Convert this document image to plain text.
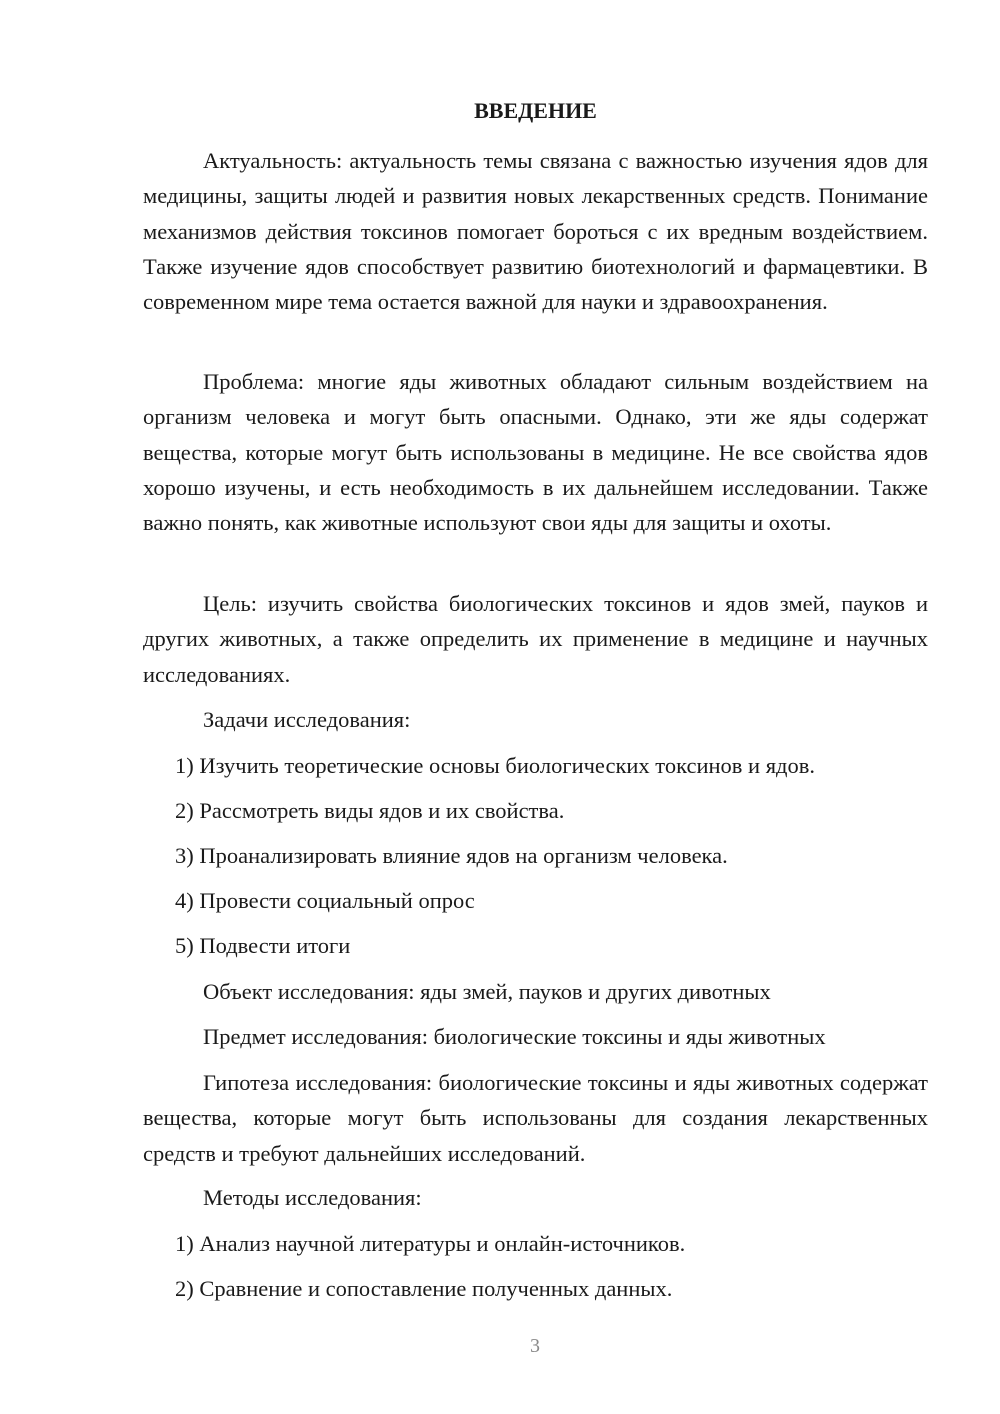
ВВЕДЕНИЕ

Актуальность: актуальность темы связана с важностью изучения ядов для медицины, защиты людей и развития новых лекарственных средств. Понимание механизмов действия токсинов помогает бороться с их вредным воздействием. Также изучение ядов способствует развитию биотехнологий и фармацевтики. В современном мире тема остается важной для науки и здравоохранения.

Проблема: многие яды животных обладают сильным воздействием на организм человека и могут быть опасными. Однако, эти же яды содержат вещества, которые могут быть использованы в медицине. Не все свойства ядов хорошо изучены, и есть необходимость в их дальнейшем исследовании. Также важно понять, как животные используют свои яды для защиты и охоты.

Цель: изучить свойства биологических токсинов и ядов змей, пауков и других животных, а также определить их применение в медицине и научных исследованиях.

Задачи исследования:

1) Изучить теоретические основы биологических токсинов и ядов.

2) Рассмотреть виды ядов и их свойства.

3) Проанализировать влияние ядов на организм человека.

4) Провести социальный опрос

5) Подвести итоги

Объект исследования: яды змей, пауков и других дивотных

Предмет исследования: биологические токсины и яды животных

Гипотеза исследования: биологические токсины и яды животных содержат вещества, которые могут быть использованы для создания лекарственных средств и требуют дальнейших исследований.

Методы исследования:

1) Анализ научной литературы и онлайн-источников.

2) Сравнение и сопоставление полученных данных.

3
